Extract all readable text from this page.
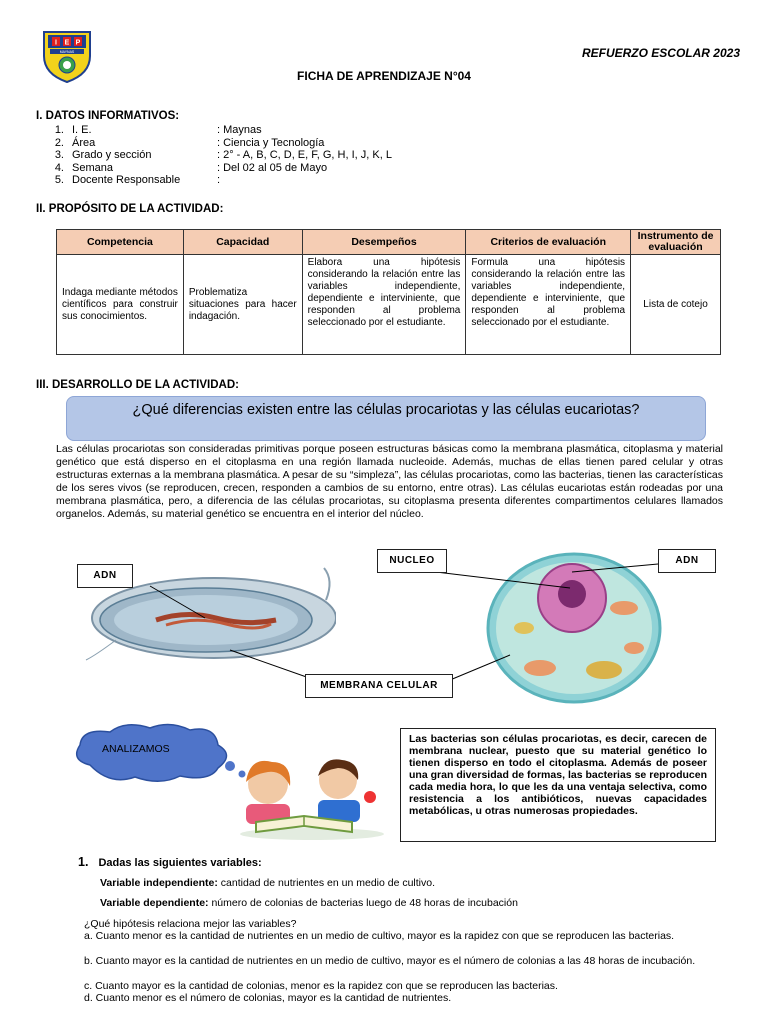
I E P
MAYNAS	REFUERZO ESCOLAR 2023
FICHA DE APRENDIZAJE N°04
I. DATOS INFORMATIVOS:
1. I. E.	: Maynas
2. Área	: Ciencia y Tecnología
3. Grado y sección	: 2° - A, B, C, D, E, F, G, H, I, J, K, L
4. Semana	: Del 02 al 05 de Mayo
5. Docente Responsable	:
II. PROPÓSITO DE LA ACTIVIDAD:
Competencia	Capacidad	Desempeños	Criterios de evaluación	Instrumento de evaluación
Indaga mediante métodos científicos para construir sus conocimientos.	Problematiza situaciones para hacer indagación.	Elabora una hipótesis considerando la relación entre las variables independiente, dependiente e interviniente, que responden al problema seleccionado por el estudiante.	Formula una hipótesis considerando la relación entre las variables independiente, dependiente e interviniente, que responden al problema seleccionado por el estudiante.	Lista de cotejo
III. DESARROLLO DE LA ACTIVIDAD:
¿Qué diferencias existen entre las células procariotas y las células eucariotas?
Las células procariotas son consideradas primitivas porque poseen estructuras básicas como la membrana plasmática, citoplasma y material genético que está disperso en el citoplasma en una región llamada nucleoide. Además, muchas de ellas tienen pared celular y otras estructuras externas a la membrana plasmática. A pesar de su “simpleza”, las células procariotas, como las bacterias, tienen las características de los seres vivos (se reproducen, crecen, responden a cambios de su entorno, entre otras). Las células eucariotas están rodeadas por una membrana plasmática, pero, a diferencia de las células procariotas, su citoplasma presenta diferentes compartimentos celulares llamados organelos. Además, su material genético se encuentra en el interior del núcleo.
ADN
NUCLEO	ADN
MEMBRANA CELULAR
ANALIZAMOS
Las bacterias son células procariotas, es decir, carecen de membrana nuclear, puesto que su material genético lo tienen disperso en todo el citoplasma. Además de poseer una gran diversidad de formas, las bacterias se reproducen cada media hora, lo que les da una ventaja selectiva, como resistencia a los antibióticos, nuevas capacidades metabólicas, u otras numerosas propiedades.
1. Dadas las siguientes variables:
Variable independiente: cantidad de nutrientes en un medio de cultivo.
Variable dependiente: número de colonias de bacterias luego de 48 horas de incubación
¿Qué hipótesis relaciona mejor las variables?
a. Cuanto menor es la cantidad de nutrientes en un medio de cultivo, mayor es la rapidez con que se reproducen las bacterias.
b. Cuanto mayor es la cantidad de nutrientes en un medio de cultivo, mayor es el número de colonias a las 48 horas de incubación.
c. Cuanto mayor es la cantidad de colonias, menor es la rapidez con que se reproducen las bacterias.
d. Cuanto menor es el número de colonias, mayor es la cantidad de nutrientes.
